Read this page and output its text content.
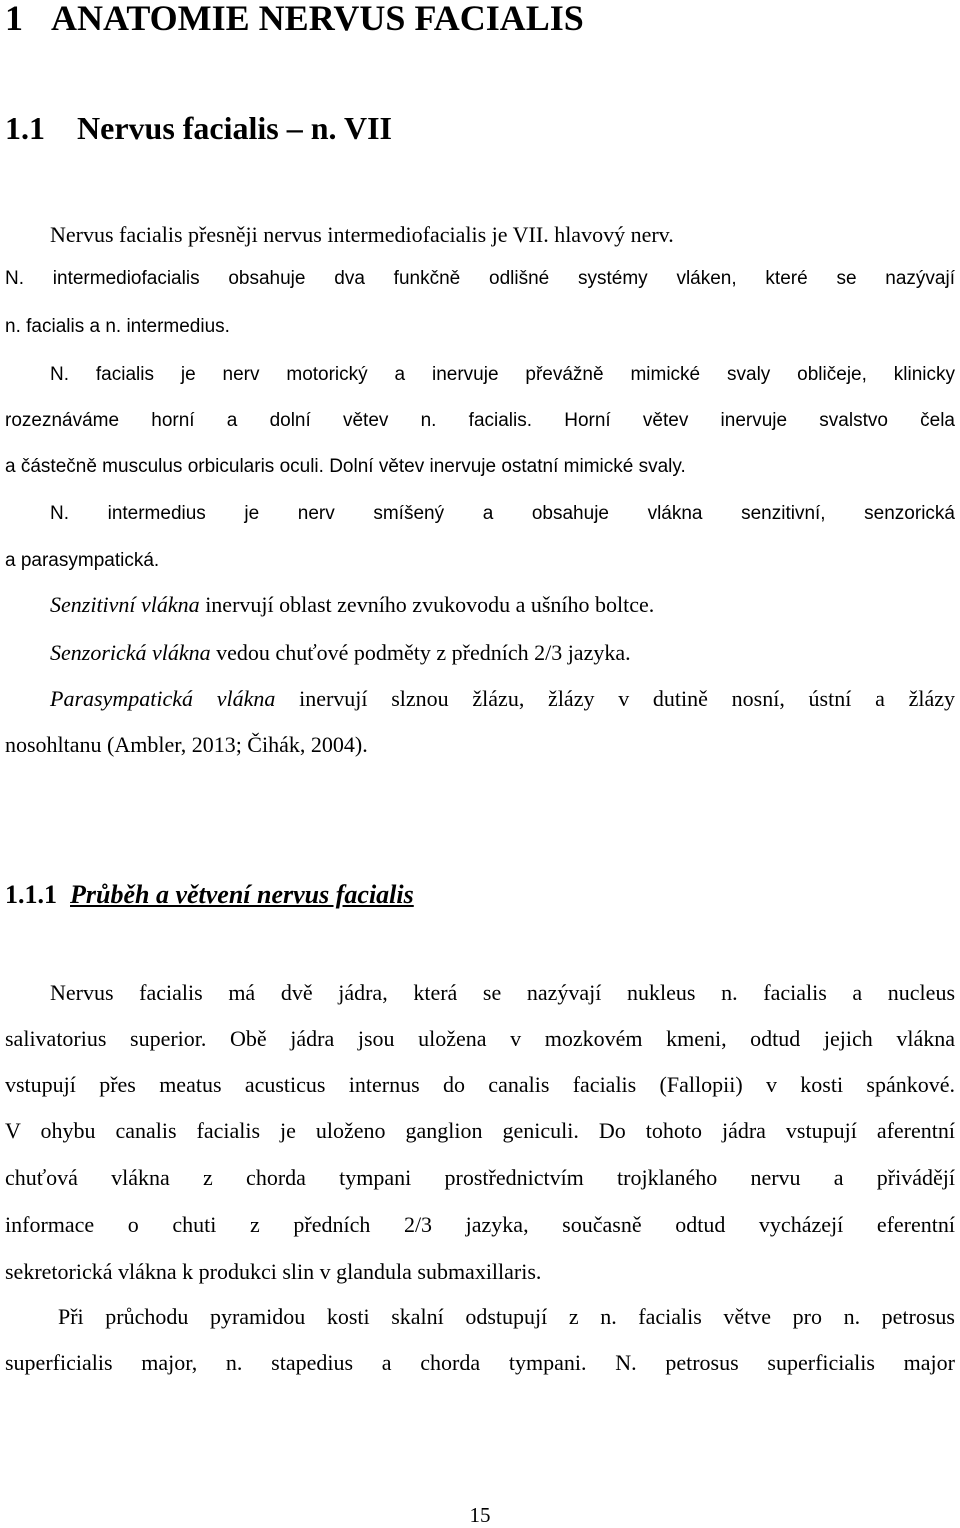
1 ANATOMIE NERVUS FACIALIS
1.1 Nervus facialis – n. VII
Nervus facialis přesněji nervus intermediofacialis je VII. hlavový nerv.
N. intermediofacialis obsahuje dva funkčně odlišné systémy vláken, které se nazývají
n. facialis a n. intermedius.
N. facialis je nerv motorický a inervuje převážně mimické svaly obličeje, klinicky
rozeznáváme horní a dolní větev n. facialis. Horní větev inervuje svalstvo čela
a částečně musculus orbicularis oculi. Dolní větev inervuje ostatní mimické svaly.
N. intermedius je nerv smíšený a obsahuje vlákna senzitivní, senzorická
a parasympatická.
Senzitivní vlákna inervují oblast zevního zvukovodu a ušního boltce.
Senzorická vlákna vedou chuťové podměty z předních 2/3 jazyka.
Parasympatická vlákna inervují slznou žlázu, žlázy v dutině nosní, ústní a žlázy
nosohltanu (Ambler, 2013; Čihák, 2004).
1.1.1 Průběh a větvení nervus facialis
Nervus facialis má dvě jádra, která se nazývají nukleus n. facialis a nucleus
salivatorius superior. Obě jádra jsou uložena v mozkovém kmeni, odtud jejich vlákna
vstupují přes meatus acusticus internus do canalis facialis (Fallopii) v kosti spánkové.
V ohybu canalis facialis je uloženo ganglion geniculi. Do tohoto jádra vstupují aferentní
chuťová vlákna z chorda tympani prostřednictvím trojklaného nervu a přivádějí
informace o chuti z předních 2/3 jazyka, současně odtud vycházejí eferentní
sekretorická vlákna k produkci slin v glandula submaxillaris.
Při průchodu pyramidou kosti skalní odstupují z n. facialis větve pro n. petrosus
superficialis major, n. stapedius a chorda tympani. N. petrosus superficialis major
15
